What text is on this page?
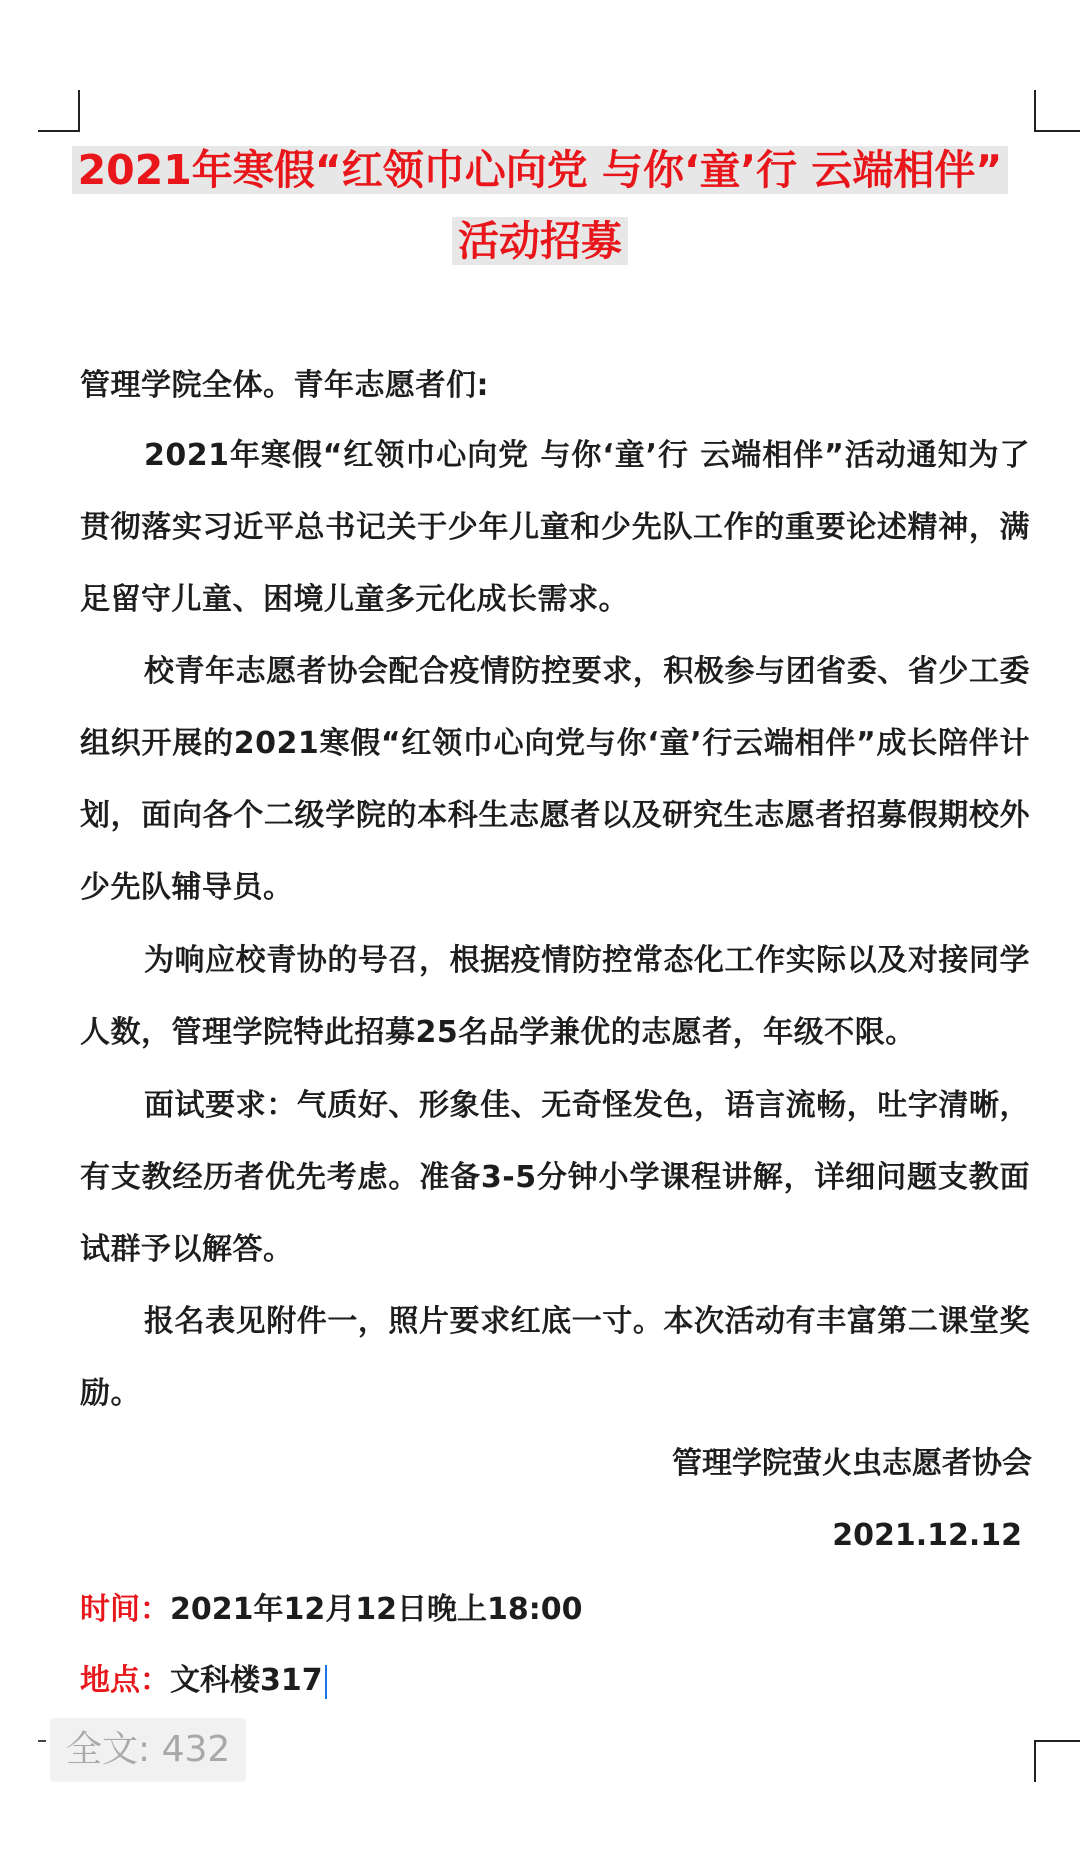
2021年寒假“红领巾心向党 与你‘童’行 云端相伴”
活动招募
管理学院全体。青年志愿者们:

2021年寒假“红领巾心向党 与你‘童’行 云端相伴”活动通知为了贯彻落实习近平总书记关于少年儿童和少先队工作的重要论述精神，满足留守儿童、困境儿童多元化成长需求。

校青年志愿者协会配合疫情防控要求，积极参与团省委、省少工委组织开展的2021寒假“红领巾心向党与你‘童’行云端相伴”成长陪伴计划，面向各个二级学院的本科生志愿者以及研究生志愿者招募假期校外少先队辅导员。

为响应校青协的号召，根据疫情防控常态化工作实际以及对接同学人数，管理学院特此招募25名品学兼优的志愿者，年级不限。

面试要求：气质好、形象佳、无奇怪发色，语言流畅，吐字清晰，有支教经历者优先考虑。准备3-5分钟小学课程讲解，详细问题支教面试群予以解答。

报名表见附件一，照片要求红底一寸。本次活动有丰富第二课堂奖励。

管理学院萤火虫志愿者协会
2021.12.12
时间：2021年12月12日晚上18:00
地点：文科楼317
全文: 432
